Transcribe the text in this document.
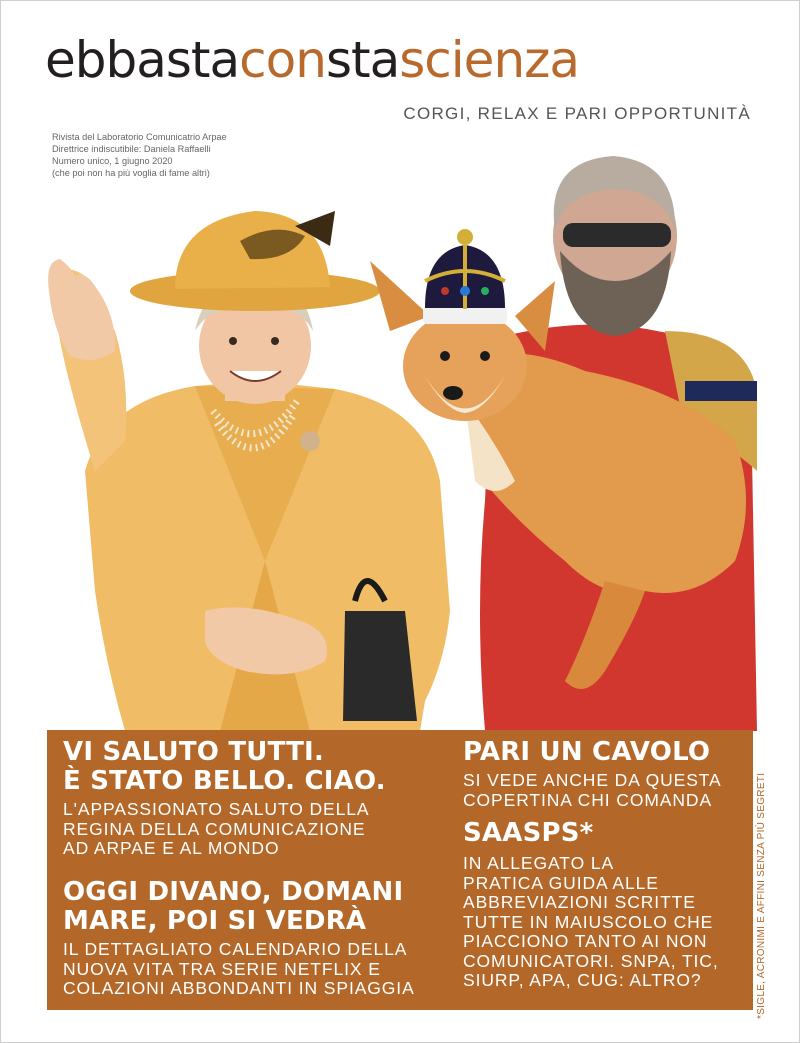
ebbastaconstascienza
CORGI, RELAX E PARI OPPORTUNITÀ
Rivista del Laboratorio Comunicatrio Arpae
Direttrice indiscutibile: Daniela Raffaelli
Numero unico, 1 giugno 2020
(che poi non ha più voglia di fame altri)
VI SALUTO TUTTI.
È STATO BELLO. CIAO.
L'APPASSIONATO SALUTO DELLA
REGINA DELLA COMUNICAZIONE
AD ARPAE E AL MONDO
OGGI DIVANO, DOMANI
MARE, POI SI VEDRÀ
IL DETTAGLIATO CALENDARIO DELLA
NUOVA VITA TRA SERIE NETFLIX E
COLAZIONI ABBONDANTI IN SPIAGGIA
PARI UN CAVOLO
SI VEDE ANCHE DA QUESTA
COPERTINA CHI COMANDA
SAASPS*
IN ALLEGATO LA
PRATICA GUIDA ALLE
ABBREVIAZIONI SCRITTE
TUTTE IN MAIUSCOLO CHE
PIACCIONO TANTO AI NON
COMUNICATORI. SNPA, TIC,
SIURP, APA, CUG: ALTRO?	*SIGLE, ACRONIMI E AFFINI SENZA PIÙ SEGRETI
